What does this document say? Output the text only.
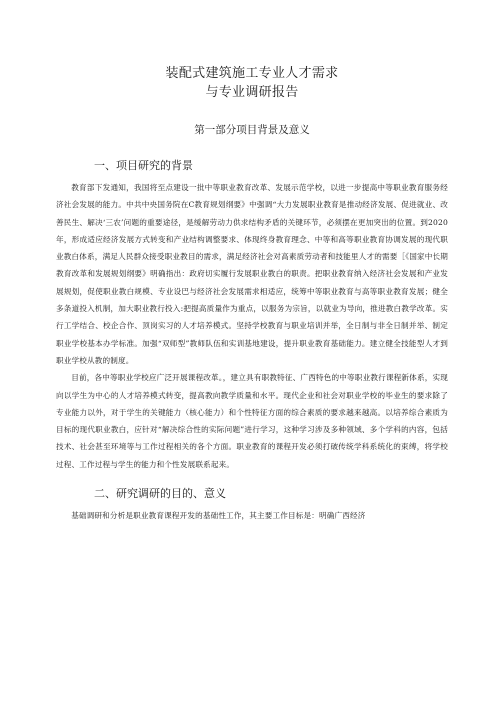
装配式建筑施工专业人才需求
与专业调研报告
第一部分项目背景及意义
一、项目研究的背景

教育部下发通知，我国将至点建设一批中等职业教育改革、发展示范学校，以进一步提高中等职业教育服务经济社会发展的能力。中共中央国务院在C教育规划纲要》中强调“大力发展职业教育是推动经济发展、促进就业、改善民生、解决‘三农’问题的重要途径，是缓解劳动力供求结构矛盾的关键环节，必须摆在更加突出的位置。到2020年，形成适应经济发展方式转变和产业结构调整要求、体现终身教育理念、中等和高等职业教育协调发展的现代职业教白体系，满足人民群众接受职业教目的需求，满足经济社会对高素质劳动者和技能里人才的需要［《国家中长期教育改革和发展规划纲要》明确指出：政府切实履行发展职业教白的职责。把职业教育纳入经济社会发展和产业发展规划，促使职业教白规模、专业设巴与经济社会发展需求相适应，统筹中等职业教育与高等职业教育发展；健全多条道投入机制，加大职业教行投入:把提高质量作为重点，以服务为宗旨，以就业为导向，推进教白教学改革。实行工学结合、校企合作、顶岗实习的人才培养模式。坚持学校教育与职业培训并举，全日制与非全日制并举、制定职业学校基本办学标准。加强“双师型”教师队伍和实训基地建设，提升职业教育基础能力。建立健全技能型人才到职业学校从教的制度。

目前，各中等职业学校应广泛开展课程改革。，建立具有职教特征、广西特色的中等职业教行课程新体系，实现向以学生为中心的人才培养模式转变，提高教向教学质量和水平。现代企业和社会对职业学校的毕业生的要求除了专业能力以外，对于学生的关键能力（核心能力）和个性特征方面的综合素质的要求越来越高。以培养综合素质为目标的现代职业教白，应针对“解决综合性的实际问题”进行学习，这种学习涉及多种领域、多个学科的内容，包括技术、社会甚至环境等与工作过程相关的各个方面。职业教育的课程开发必须打破传统学科系统化的束缚，将学校过程、工作过程与学生的能力和个性发展联系起来。

二、研究调研的目的、意义

基础调研和分析是职业教育课程开发的基础性工作，其主要工作目标是：明确广西经济
